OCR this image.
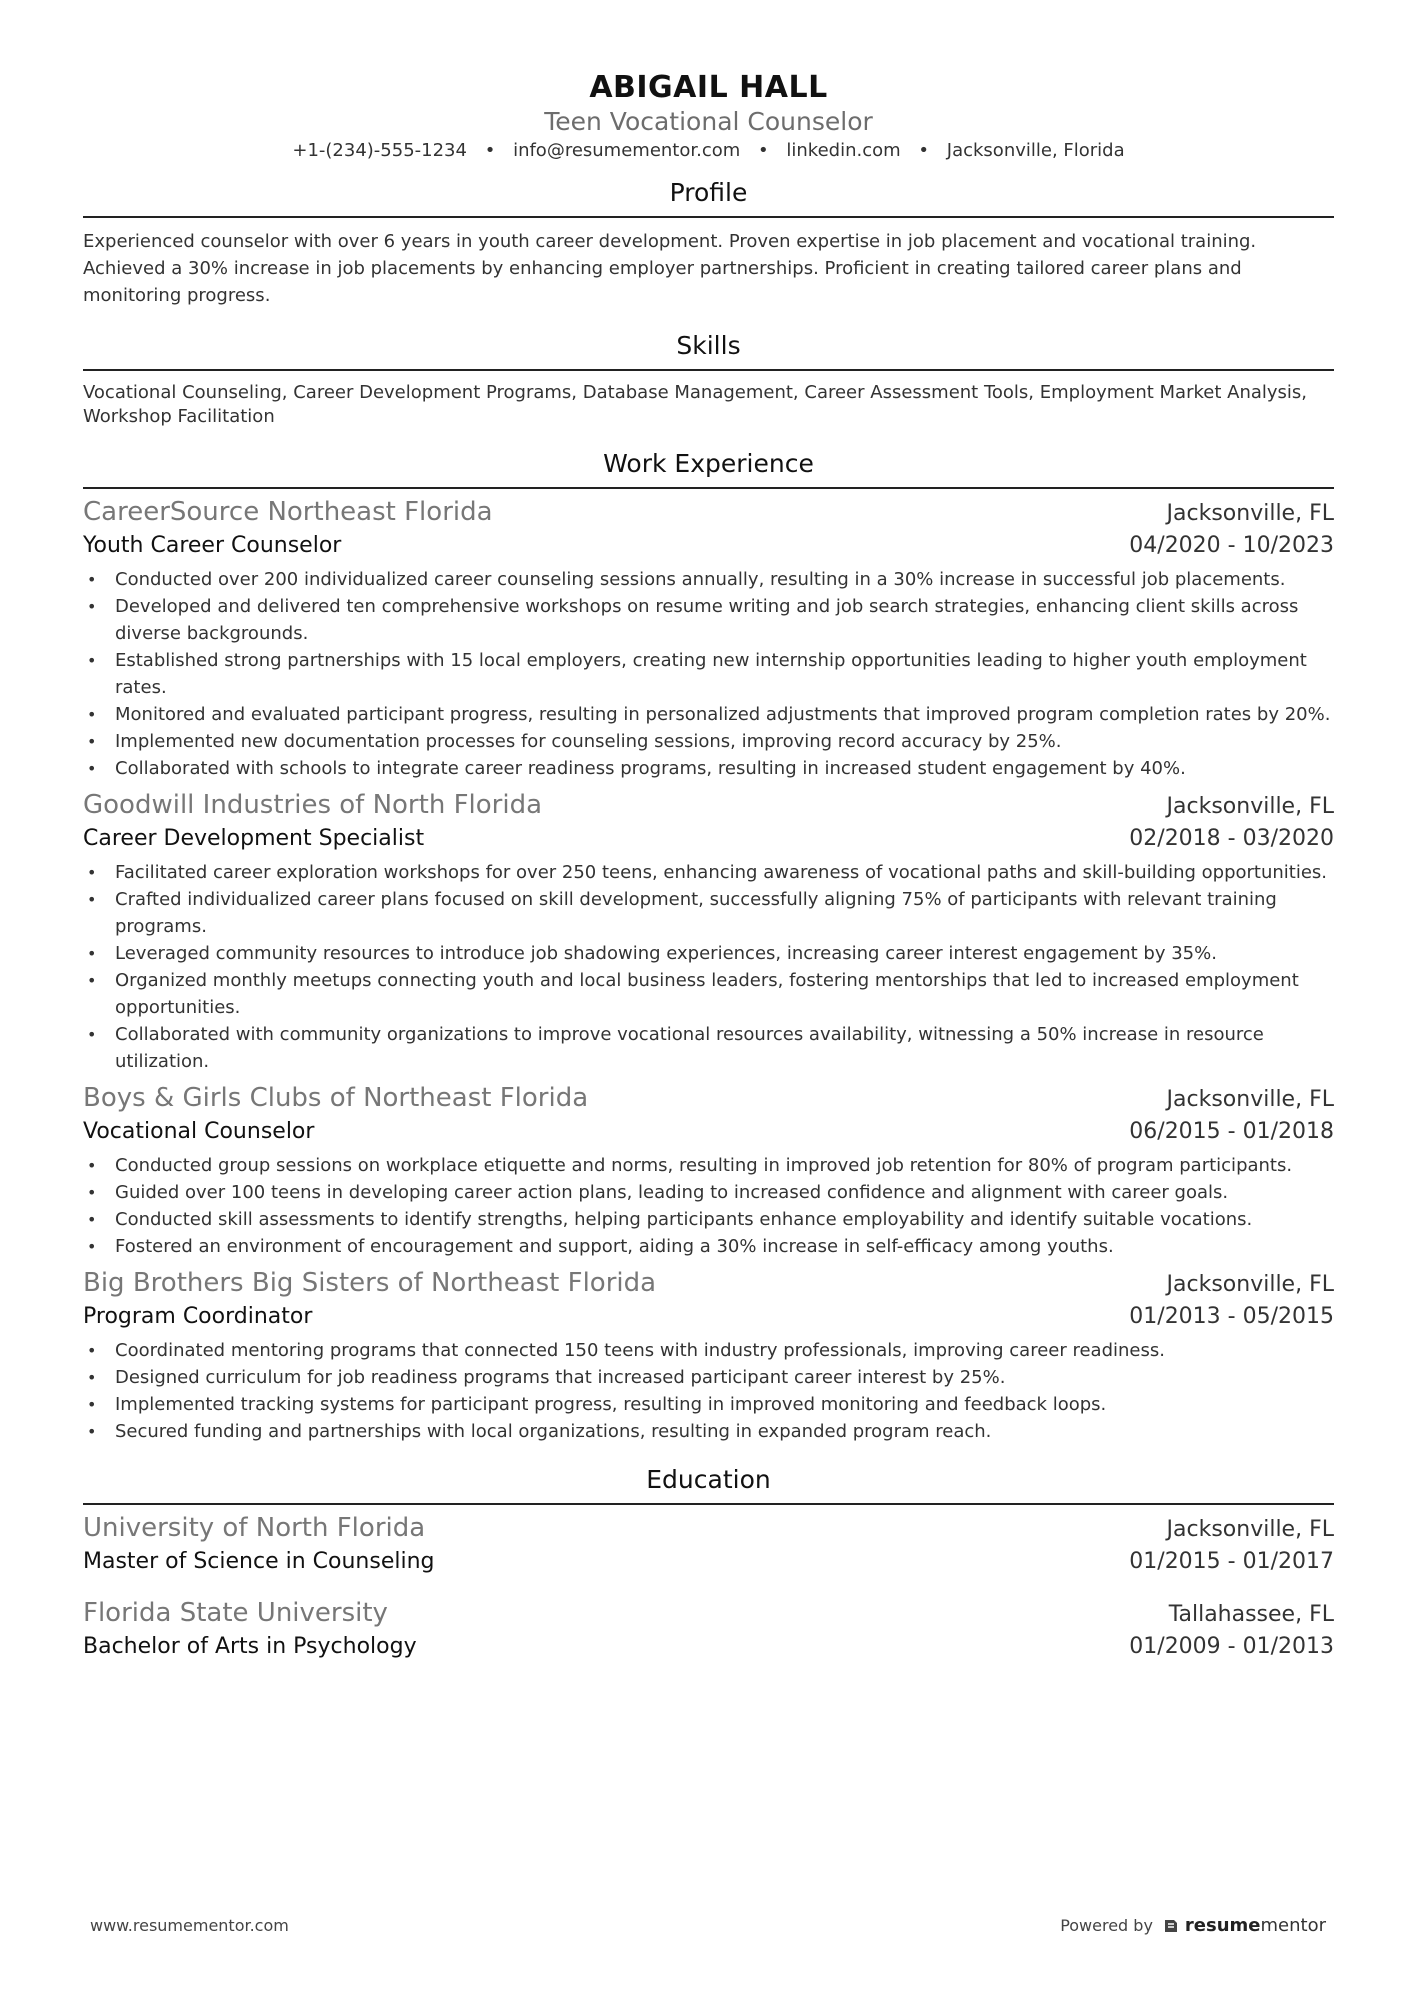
ABIGAIL HALL
Teen Vocational Counselor
+1-(234)-555-1234 • info@resumementor.com • linkedin.com • Jacksonville, Florida
Profile

Experienced counselor with over 6 years in youth career development. Proven expertise in job placement and vocational training. Achieved a 30% increase in job placements by enhancing employer partnerships. Proficient in creating tailored career plans and monitoring progress.

Skills

Vocational Counseling, Career Development Programs, Database Management, Career Assessment Tools, Employment Market Analysis, Workshop Facilitation

Work Experience
CareerSource Northeast Florida	Jacksonville, FL
Youth Career Counselor	04/2020 - 10/2023
• Conducted over 200 individualized career counseling sessions annually, resulting in a 30% increase in successful job placements.
• Developed and delivered ten comprehensive workshops on resume writing and job search strategies, enhancing client skills across diverse backgrounds.
• Established strong partnerships with 15 local employers, creating new internship opportunities leading to higher youth employment rates.
• Monitored and evaluated participant progress, resulting in personalized adjustments that improved program completion rates by 20%.
• Implemented new documentation processes for counseling sessions, improving record accuracy by 25%.
• Collaborated with schools to integrate career readiness programs, resulting in increased student engagement by 40%.
Goodwill Industries of North Florida	Jacksonville, FL
Career Development Specialist	02/2018 - 03/2020
• Facilitated career exploration workshops for over 250 teens, enhancing awareness of vocational paths and skill-building opportunities.
• Crafted individualized career plans focused on skill development, successfully aligning 75% of participants with relevant training programs.
• Leveraged community resources to introduce job shadowing experiences, increasing career interest engagement by 35%.
• Organized monthly meetups connecting youth and local business leaders, fostering mentorships that led to increased employment opportunities.
• Collaborated with community organizations to improve vocational resources availability, witnessing a 50% increase in resource utilization.
Boys & Girls Clubs of Northeast Florida	Jacksonville, FL
Vocational Counselor	06/2015 - 01/2018
• Conducted group sessions on workplace etiquette and norms, resulting in improved job retention for 80% of program participants.
• Guided over 100 teens in developing career action plans, leading to increased confidence and alignment with career goals.
• Conducted skill assessments to identify strengths, helping participants enhance employability and identify suitable vocations.
• Fostered an environment of encouragement and support, aiding a 30% increase in self-efficacy among youths.
Big Brothers Big Sisters of Northeast Florida	Jacksonville, FL
Program Coordinator	01/2013 - 05/2015
• Coordinated mentoring programs that connected 150 teens with industry professionals, improving career readiness.
• Designed curriculum for job readiness programs that increased participant career interest by 25%.
• Implemented tracking systems for participant progress, resulting in improved monitoring and feedback loops.
• Secured funding and partnerships with local organizations, resulting in expanded program reach.
Education
University of North Florida	Jacksonville, FL
Master of Science in Counseling	01/2015 - 01/2017
Florida State University	Tallahassee, FL
Bachelor of Arts in Psychology	01/2009 - 01/2013
www.resumementor.com	Powered by resumementor
